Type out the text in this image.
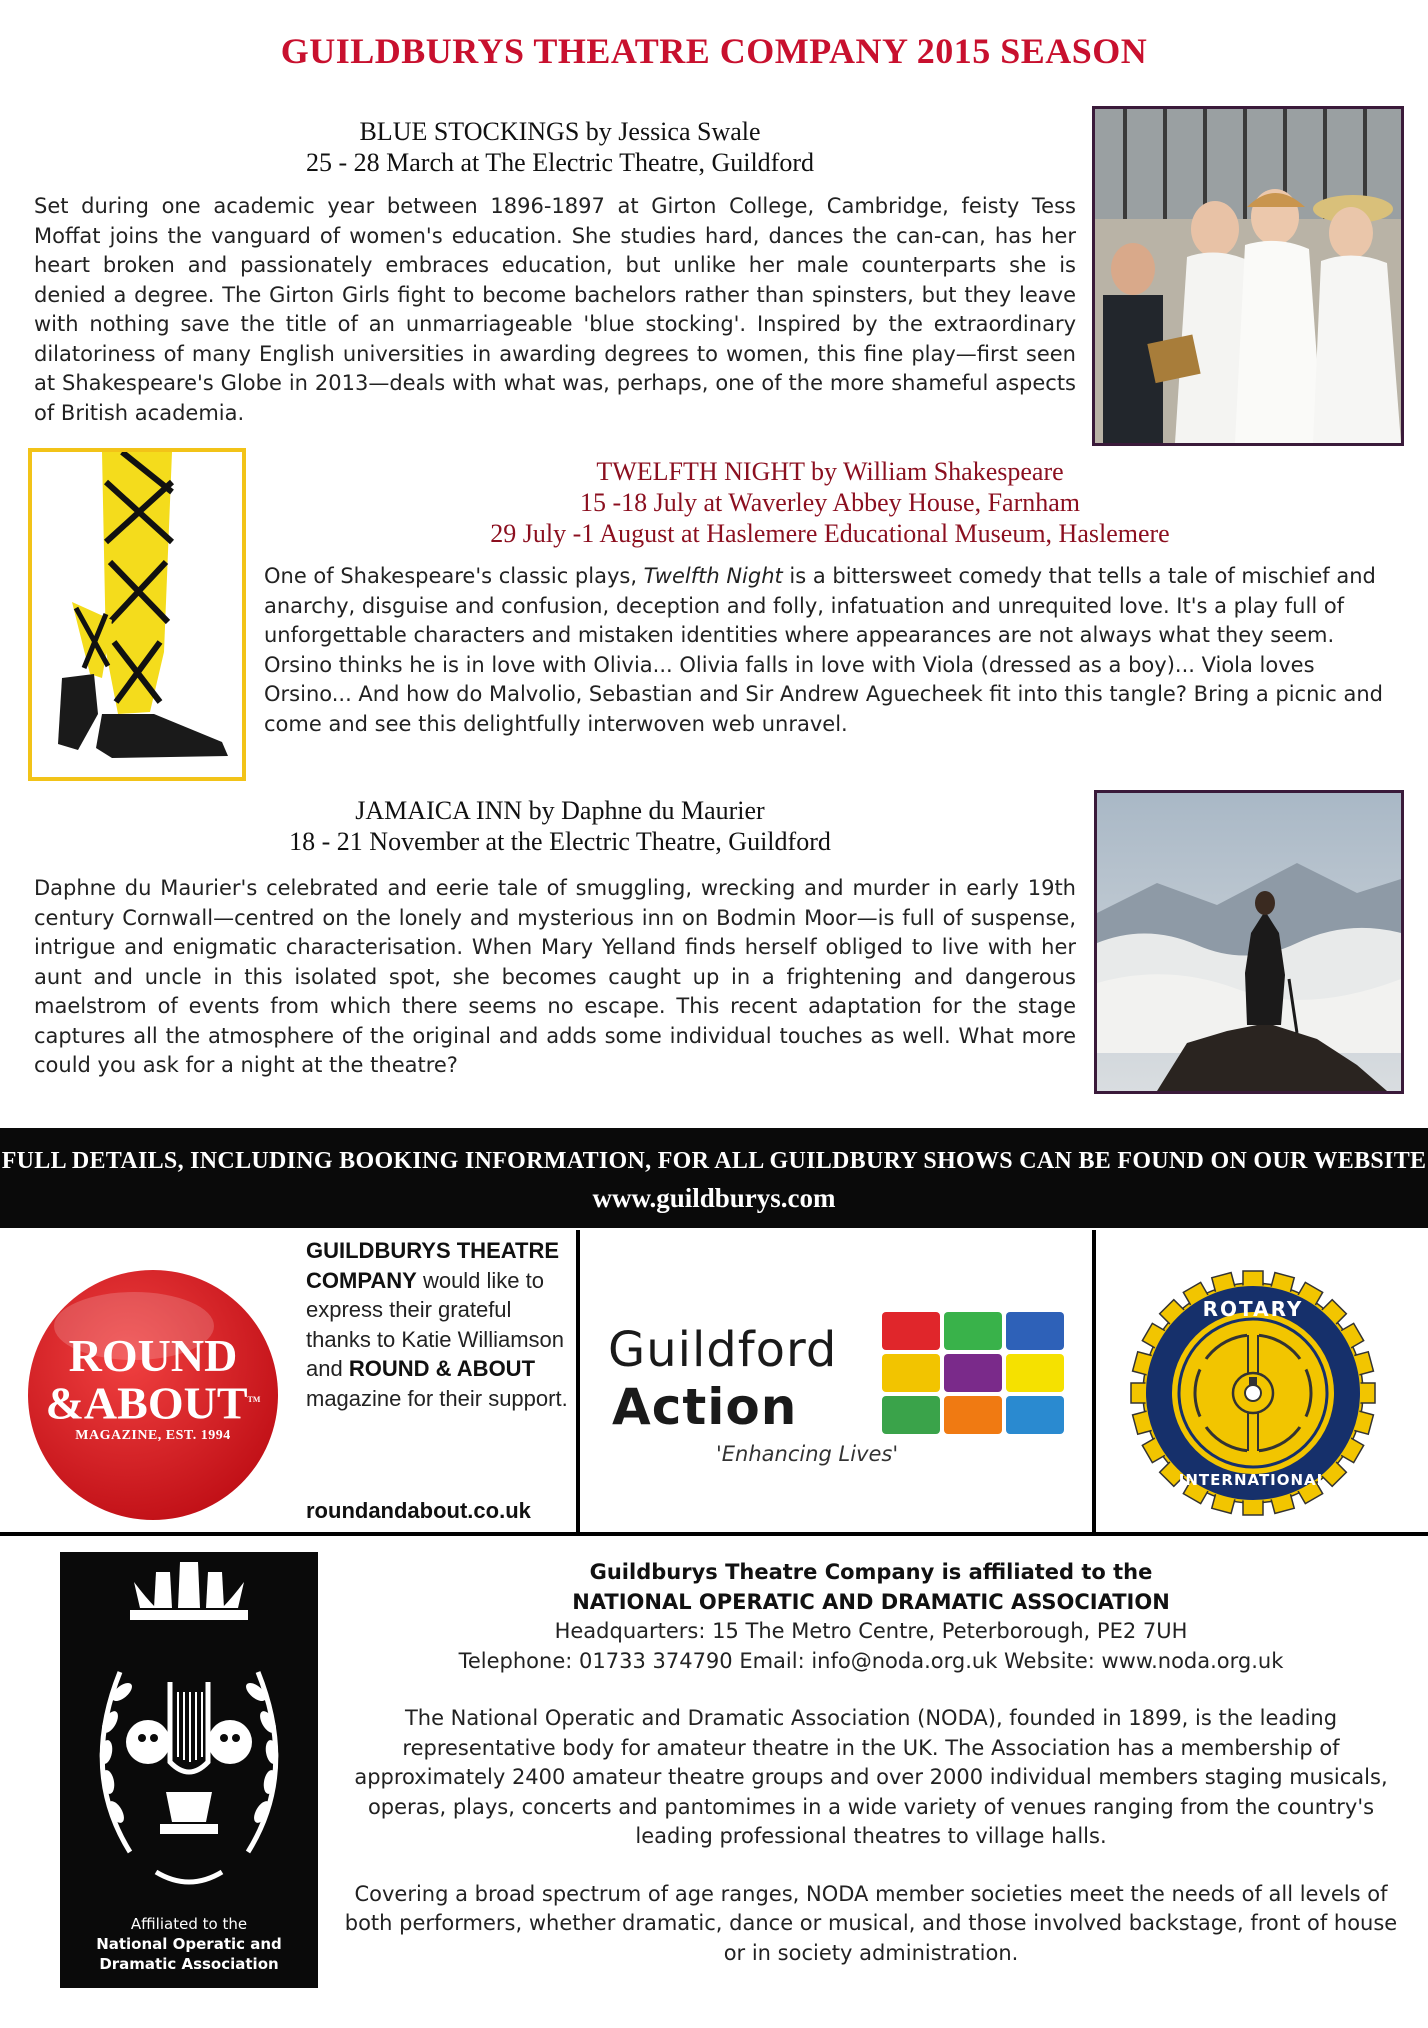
GUILDBURYS THEATRE COMPANY 2015 SEASON
BLUE STOCKINGS by Jessica Swale
25 - 28 March at The Electric Theatre, Guildford
Set during one academic year between 1896-1897 at Girton College, Cambridge, feisty Tess Moffat joins the vanguard of women's education. She studies hard, dances the can-can, has her heart broken and passionately embraces education, but unlike her male counterparts she is denied a degree. The Girton Girls fight to become bachelors rather than spinsters, but they leave with nothing save the title of an unmarriageable 'blue stocking'. Inspired by the extraordinary dilatoriness of many English universities in awarding degrees to women, this fine play—first seen at Shakespeare's Globe in 2013—deals with what was, perhaps, one of the more shameful aspects of British academia.
TWELFTH NIGHT by William Shakespeare
15 -18 July at Waverley Abbey House, Farnham
29 July -1 August at Haslemere Educational Museum, Haslemere
One of Shakespeare's classic plays, Twelfth Night is a bittersweet comedy that tells a tale of mischief and anarchy, disguise and confusion, deception and folly, infatuation and unrequited love. It's a play full of unforgettable characters and mistaken identities where appearances are not always what they seem. Orsino thinks he is in love with Olivia... Olivia falls in love with Viola (dressed as a boy)... Viola loves Orsino... And how do Malvolio, Sebastian and Sir Andrew Aguecheek fit into this tangle? Bring a picnic and come and see this delightfully interwoven web unravel.
JAMAICA INN by Daphne du Maurier
18 - 21 November at the Electric Theatre, Guildford
Daphne du Maurier's celebrated and eerie tale of smuggling, wrecking and murder in early 19th century Cornwall—centred on the lonely and mysterious inn on Bodmin Moor—is full of suspense, intrigue and enigmatic characterisation. When Mary Yelland finds herself obliged to live with her aunt and uncle in this isolated spot, she becomes caught up in a frightening and dangerous maelstrom of events from which there seems no escape. This recent adaptation for the stage captures all the atmosphere of the original and adds some individual touches as well. What more could you ask for a night at the theatre?
FULL DETAILS, INCLUDING BOOKING INFORMATION, FOR ALL GUILDBURY SHOWS CAN BE FOUND ON OUR WEBSITE
www.guildburys.com
ROUND
&ABOUT™
MAGAZINE, EST. 1994
GUILDBURYS THEATRE COMPANY would like to express their grateful thanks to Katie Williamson and ROUND & ABOUT magazine for their support.
roundandabout.co.uk
Guildford
Action
'Enhancing Lives'
ROTARY
INTERNATIONAL
Affiliated to the
National Operatic and
Dramatic Association
Guildburys Theatre Company is affiliated to the
NATIONAL OPERATIC AND DRAMATIC ASSOCIATION
Headquarters: 15 The Metro Centre, Peterborough, PE2 7UH
Telephone: 01733 374790 Email: info@noda.org.uk Website: www.noda.org.uk
The National Operatic and Dramatic Association (NODA), founded in 1899, is the leading representative body for amateur theatre in the UK. The Association has a membership of approximately 2400 amateur theatre groups and over 2000 individual members staging musicals, operas, plays, concerts and pantomimes in a wide variety of venues ranging from the country's leading professional theatres to village halls.
Covering a broad spectrum of age ranges, NODA member societies meet the needs of all levels of both performers, whether dramatic, dance or musical, and those involved backstage, front of house or in society administration.
